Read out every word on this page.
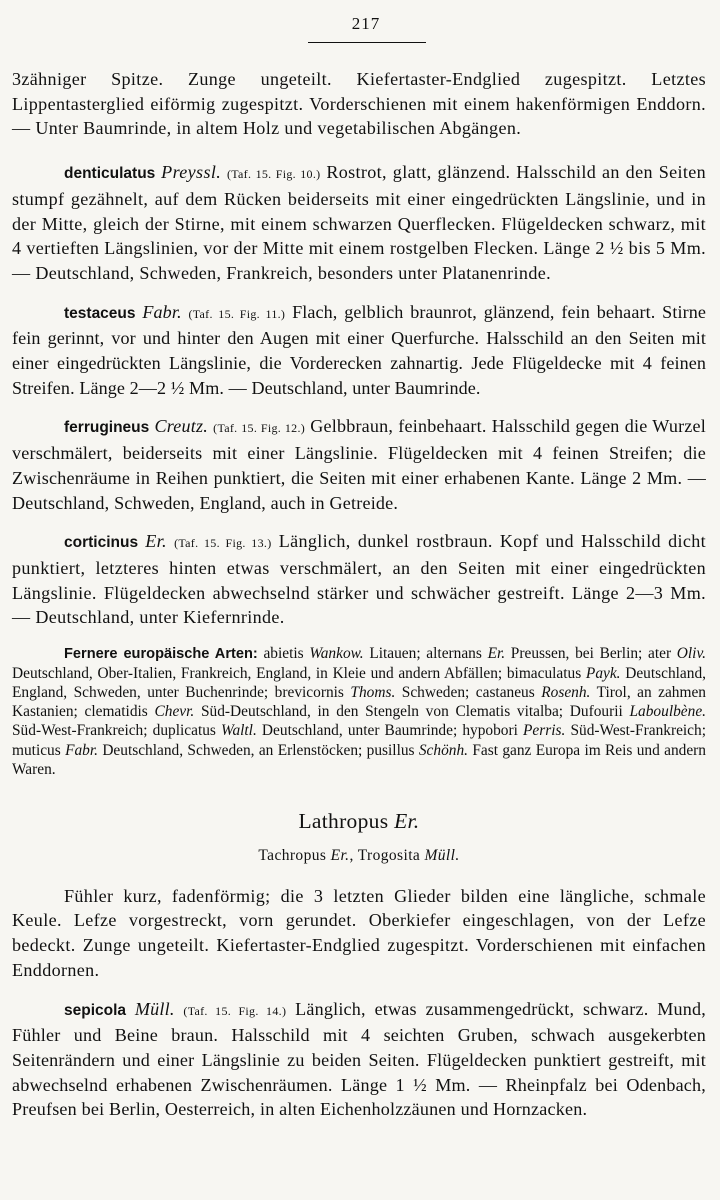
217

3zähniger Spitze. Zunge ungeteilt. Kiefertaster-Endglied zugespitzt. Letztes Lippentasterglied eiförmig zugespitzt. Vorderschienen mit einem hakenförmigen Enddorn. — Unter Baumrinde, in altem Holz und vegetabilischen Abgängen.

denticulatus Preyssl. (Taf. 15. Fig. 10.) Rostrot, glatt, glänzend. Halsschild an den Seiten stumpf gezähnelt, auf dem Rücken beiderseits mit einer eingedrückten Längslinie, und in der Mitte, gleich der Stirne, mit einem schwarzen Querflecken. Flügeldecken schwarz, mit 4 vertieften Längslinien, vor der Mitte mit einem rostgelben Flecken. Länge 2 ½ bis 5 Mm. — Deutschland, Schweden, Frankreich, besonders unter Platanenrinde.

testaceus Fabr. (Taf. 15. Fig. 11.) Flach, gelblich braunrot, glänzend, fein behaart. Stirne fein gerinnt, vor und hinter den Augen mit einer Querfurche. Halsschild an den Seiten mit einer eingedrückten Längslinie, die Vorderecken zahnartig. Jede Flügeldecke mit 4 feinen Streifen. Länge 2—2 ½ Mm. — Deutschland, unter Baumrinde.

ferrugineus Creutz. (Taf. 15. Fig. 12.) Gelbbraun, feinbehaart. Halsschild gegen die Wurzel verschmälert, beiderseits mit einer Längslinie. Flügeldecken mit 4 feinen Streifen; die Zwischenräume in Reihen punktiert, die Seiten mit einer erhabenen Kante. Länge 2 Mm. — Deutschland, Schweden, England, auch in Getreide.

corticinus Er. (Taf. 15. Fig. 13.) Länglich, dunkel rostbraun. Kopf und Halsschild dicht punktiert, letzteres hinten etwas verschmälert, an den Seiten mit einer eingedrückten Längslinie. Flügeldecken abwechselnd stärker und schwächer gestreift. Länge 2—3 Mm. — Deutschland, unter Kiefernrinde.

Fernere europäische Arten: abietis Wankow. Litauen; alternans Er. Preussen, bei Berlin; ater Oliv. Deutschland, Ober-Italien, Frankreich, England, in Kleie und andern Abfällen; bimaculatus Payk. Deutschland, England, Schweden, unter Buchenrinde; brevicornis Thoms. Schweden; castaneus Rosenh. Tirol, an zahmen Kastanien; clematidis Chevr. Süd-Deutschland, in den Stengeln von Clematis vitalba; Dufourii Laboulbène. Süd-West-Frankreich; duplicatus Waltl. Deutschland, unter Baumrinde; hypobori Perris. Süd-West-Frankreich; muticus Fabr. Deutschland, Schweden, an Erlenstöcken; pusillus Schönh. Fast ganz Europa im Reis und andern Waren.

Lathropus Er.
Tachropus Er., Trogosita Müll.

Fühler kurz, fadenförmig; die 3 letzten Glieder bilden eine längliche, schmale Keule. Lefze vorgestreckt, vorn gerundet. Oberkiefer eingeschlagen, von der Lefze bedeckt. Zunge ungeteilt. Kiefertaster-Endglied zugespitzt. Vorderschienen mit einfachen Enddornen.

sepicola Müll. (Taf. 15. Fig. 14.) Länglich, etwas zusammengedrückt, schwarz. Mund, Fühler und Beine braun. Halsschild mit 4 seichten Gruben, schwach ausgekerbten Seitenrändern und einer Längslinie zu beiden Seiten. Flügeldecken punktiert gestreift, mit abwechselnd erhabenen Zwischenräumen. Länge 1 ½ Mm. — Rheinpfalz bei Odenbach, Preufsen bei Berlin, Oesterreich, in alten Eichenholzzäunen und Hornzacken.
